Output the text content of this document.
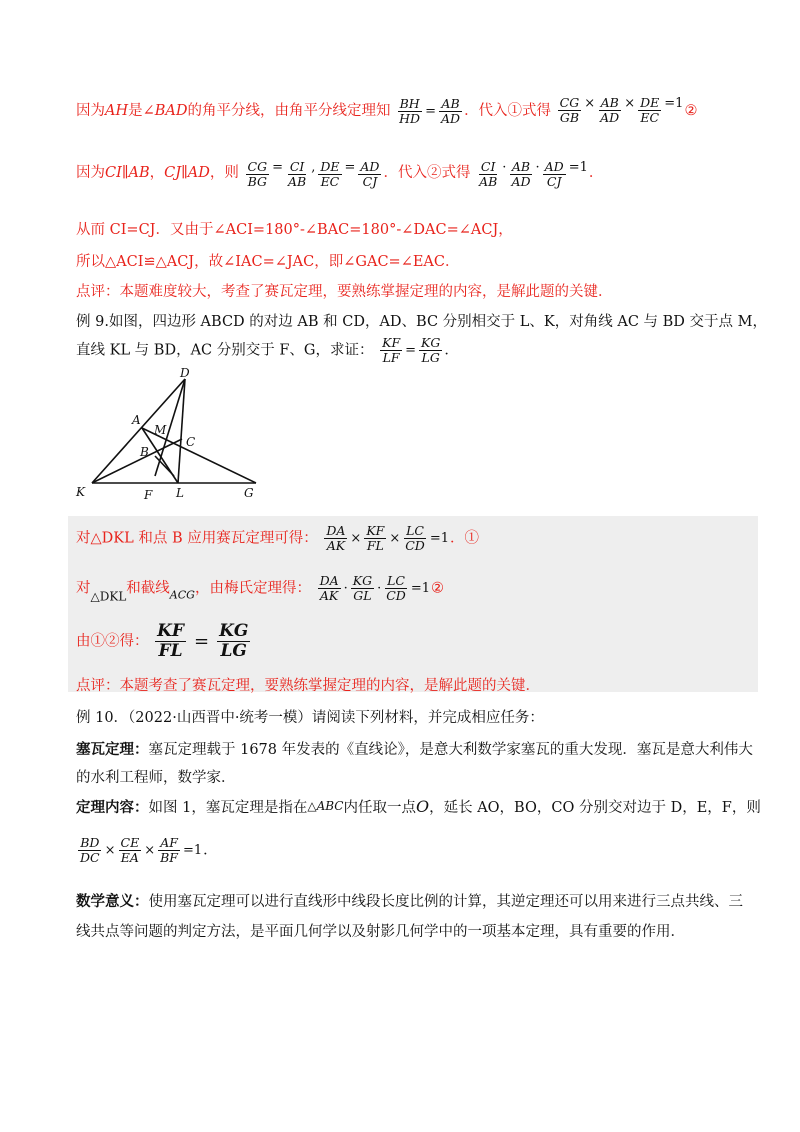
因为AH是∠BAD的角平分线，由角平分线定理知 $\frac{BH}{HD} = \frac{AB}{AD}$ ．代入①式得 $\frac{CG}{GB} \times \frac{AB}{AD} \times \frac{DE}{EC}$ =1②
因为CI∥AB，CJ∥AD，则 $\frac{CG}{BG} = \frac{CI}{AB}$ , $\frac{DE}{EC} = \frac{AD}{CJ}$ ．代入②式得 $\frac{CI}{AB} \cdot \frac{AB}{AD} \cdot \frac{AD}{CJ} =1$．
从而 CI=CJ．又由于∠ACI=180°-∠BAC=180°-∠DAC=∠ACJ，
所以△ACI≌△ACJ，故∠IAC=∠JAC，即∠GAC=∠EAC．
点评：本题难度较大，考查了赛瓦定理，要熟练掌握定理的内容，是解此题的关键．
例 9.如图，四边形 ABCD 的对边 AB 和 CD，AD、BC 分别相交于 L、K，对角线 AC 与 BD 交于点 M，
直线 KL 与 BD，AC 分别交于 F、G，求证： $\frac{KF}{LF} = \frac{KG}{LG}$ ．
D
A
M
C
B
K	F L	G
对△DKL 和点 B 应用赛瓦定理可得： $\frac{DA}{AK} \times \frac{KF}{FL} \times \frac{LC}{CD} =1$．①
对$_{\triangle DKL}$和截线$_{ACG}$，由梅氏定理得： $\frac{DA}{AK} \cdot \frac{KG}{GL} \cdot \frac{LC}{CD}$ =1②
由①②得： $\frac{KF}{FL} = \frac{KG}{LG}$
点评：本题考查了赛瓦定理，要熟练掌握定理的内容，是解此题的关键．
例 10．（2022·山西晋中·统考一模）请阅读下列材料，并完成相应任务：
塞瓦定理：塞瓦定理载于 1678 年发表的《直线论》，是意大利数学家塞瓦的重大发现．塞瓦是意大利伟大
的水利工程师，数学家．
定理内容：如图 1，塞瓦定理是指在△ABC内任取一点O，延长 AO，BO，CO 分别交对边于 D，E，F，则
$\frac{BD}{DC} \times \frac{CE}{EA} \times \frac{AF}{BF} =1$．
数学意义：使用塞瓦定理可以进行直线形中线段长度比例的计算，其逆定理还可以用来进行三点共线、三
线共点等问题的判定方法，是平面几何学以及射影几何学中的一项基本定理，具有重要的作用．
